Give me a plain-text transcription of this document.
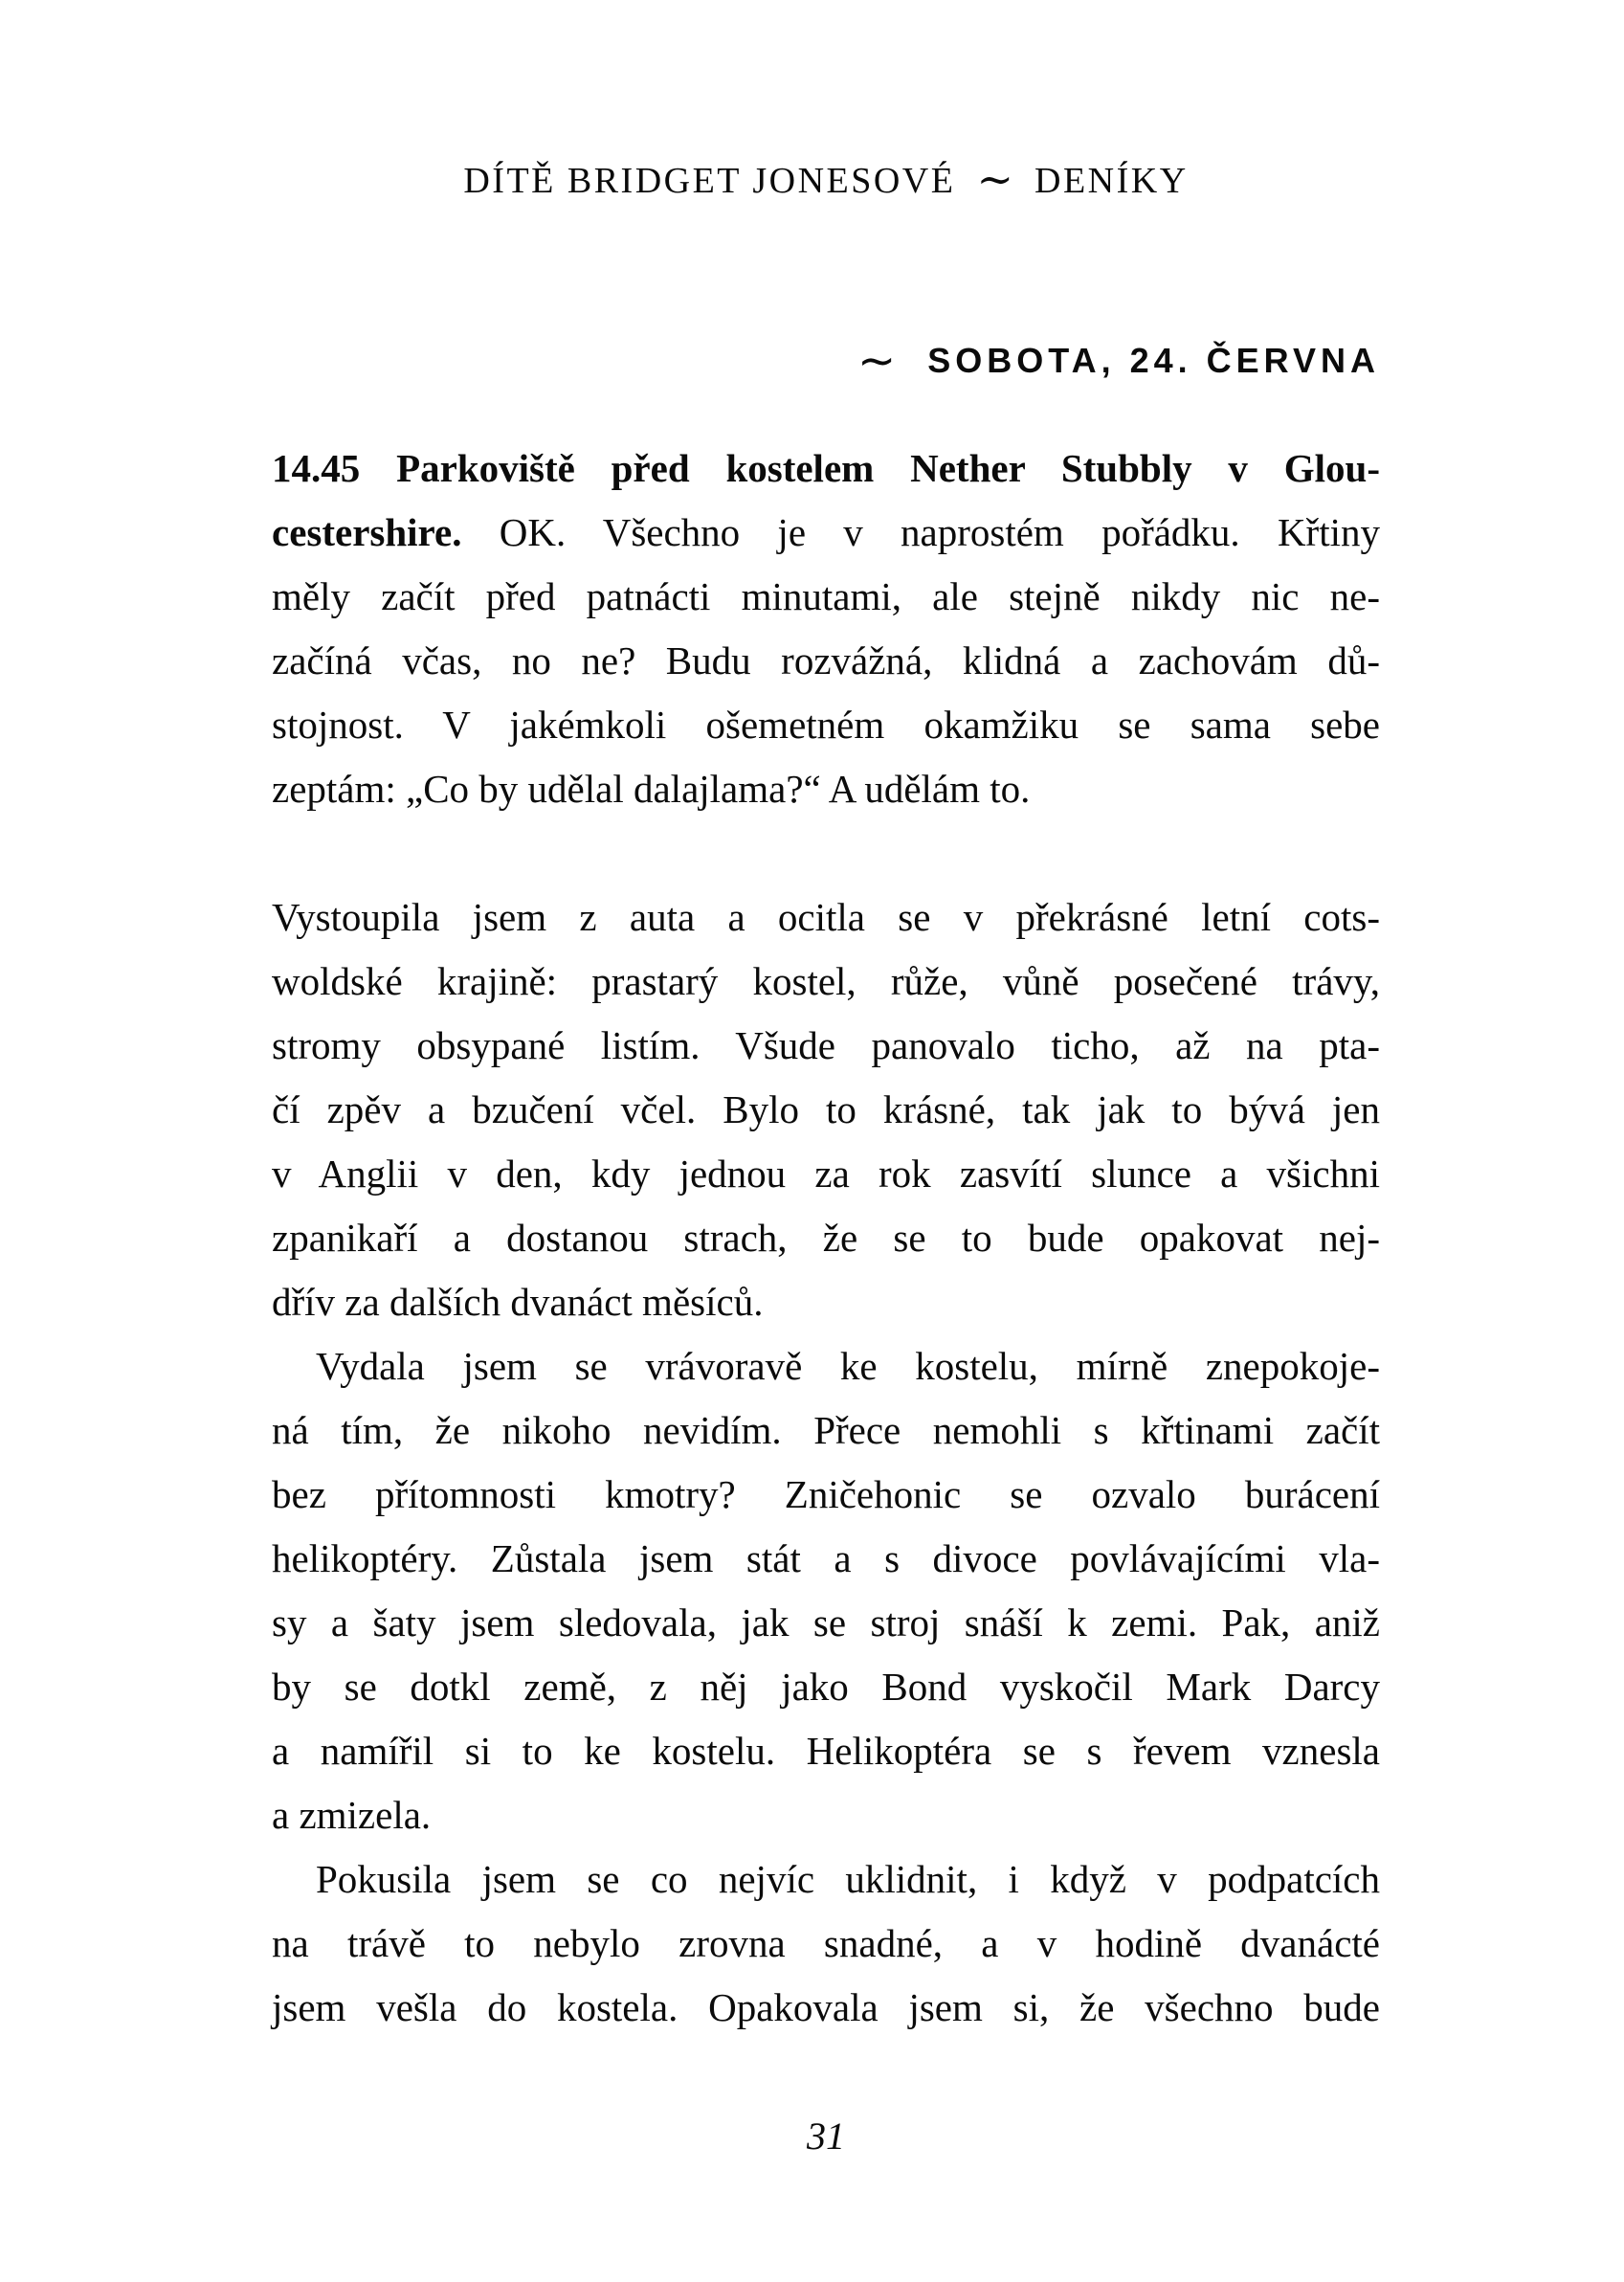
DÍTĚ BRIDGET JONESOVÉ ∼ DENÍKY
∼ SOBOTA, 24. ČERVNA
14.45 Parkoviště před kostelem Nether Stubbly v Glou-
cestershire. OK. Všechno je v naprostém pořádku. Křtiny
měly začít před patnácti minutami, ale stejně nikdy nic ne-
začíná včas, no ne? Budu rozvážná, klidná a zachovám dů-
stojnost. V jakémkoli ošemetném okamžiku se sama sebe
zeptám: „Co by udělal dalajlama?“ A udělám to.
Vystoupila jsem z auta a ocitla se v překrásné letní cots-
woldské krajině: prastarý kostel, růže, vůně posečené trávy,
stromy obsypané listím. Všude panovalo ticho, až na pta-
čí zpěv a bzučení včel. Bylo to krásné, tak jak to bývá jen
v Anglii v den, kdy jednou za rok zasvítí slunce a všichni
zpanikaří a dostanou strach, že se to bude opakovat nej-
dřív za dalších dvanáct měsíců.
Vydala jsem se vrávoravě ke kostelu, mírně znepokoje-
ná tím, že nikoho nevidím. Přece nemohli s křtinami začít
bez přítomnosti kmotry? Zničehonic se ozvalo burácení
helikoptéry. Zůstala jsem stát a s divoce povlávajícími vla-
sy a šaty jsem sledovala, jak se stroj snáší k zemi. Pak, aniž
by se dotkl země, z něj jako Bond vyskočil Mark Darcy
a namířil si to ke kostelu. Helikoptéra se s řevem vznesla
a zmizela.
Pokusila jsem se co nejvíc uklidnit, i když v podpatcích
na trávě to nebylo zrovna snadné, a v hodině dvanácté
jsem vešla do kostela. Opakovala jsem si, že všechno bude
31
